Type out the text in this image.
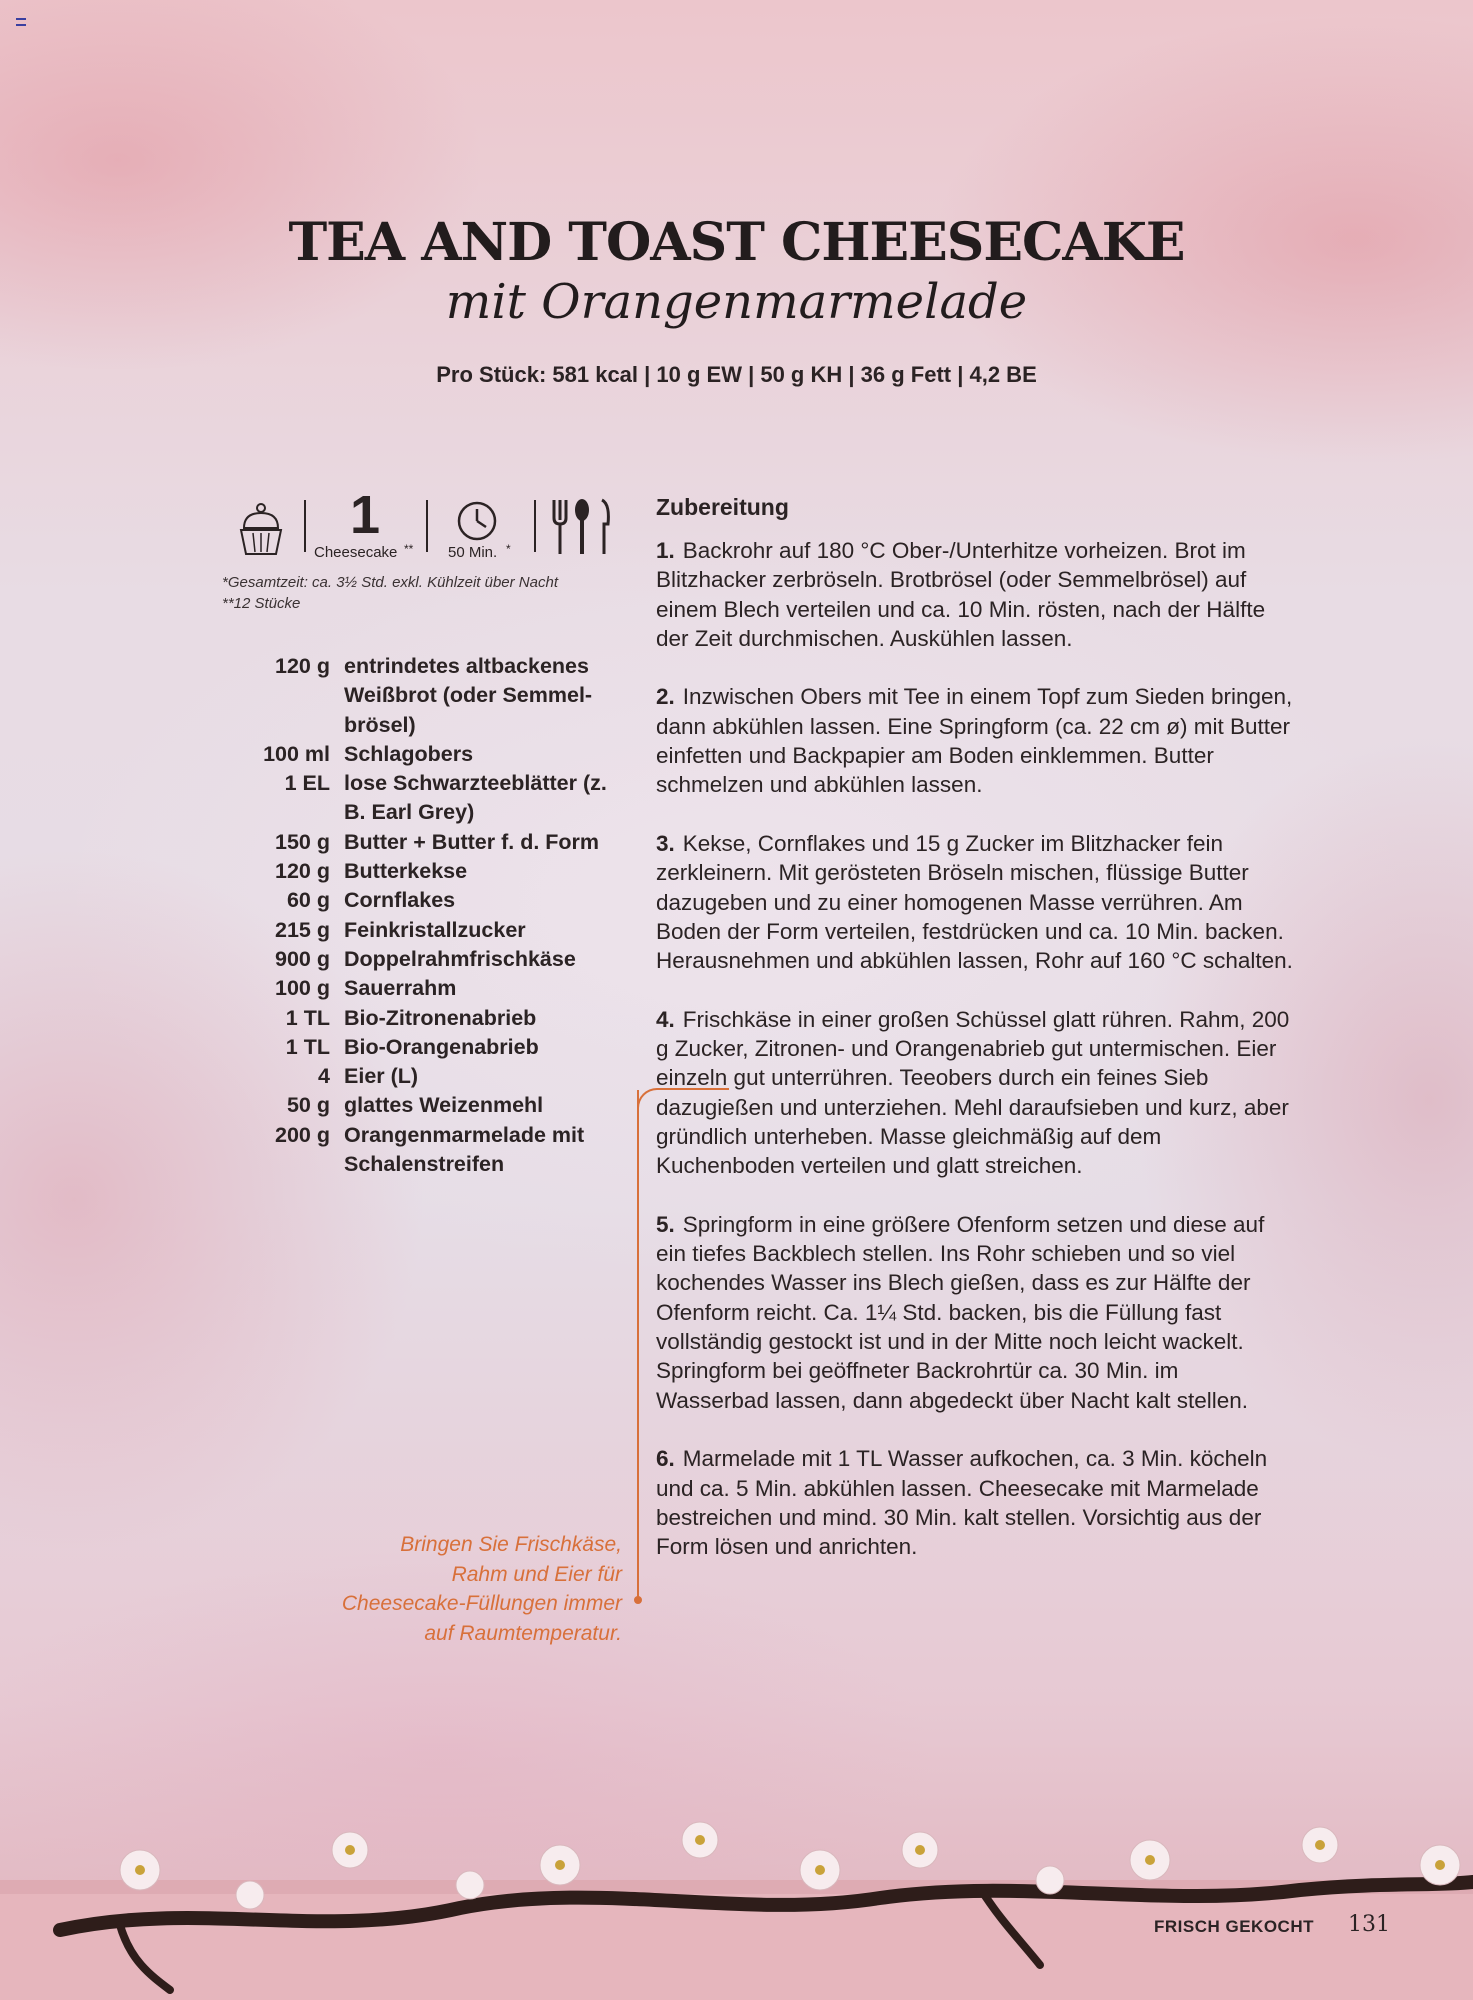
TEA AND TOAST CHEESECAKE
mit Orangenmarmelade
Pro Stück: 581 kcal | 10 g EW | 50 g KH | 36 g Fett | 4,2 BE
1
Cheesecake ** 50 Min. *
*Gesamtzeit: ca. 3½ Std. exkl. Kühlzeit über Nacht
**12 Stücke
120 g entrindetes altbackenes Weißbrot (oder Semmel-brösel)
100 ml Schlagobers
1 EL lose Schwarzteeblätter (z. B. Earl Grey)
150 g Butter + Butter f. d. Form
120 g Butterkekse
60 g Cornflakes
215 g Feinkristallzucker
900 g Doppelrahmfrischkäse
100 g Sauerrahm
1 TL Bio-Zitronenabrieb
1 TL Bio-Orangenabrieb
4 Eier (L)
50 g glattes Weizenmehl
200 g Orangenmarmelade mit Schalenstreifen
Bringen Sie Frischkäse, Rahm und Eier für Cheesecake-Füllungen immer auf Raumtemperatur.
Zubereitung
1. Backrohr auf 180 °C Ober-/Unterhitze vorheizen. Brot im Blitzhacker zerbröseln. Brotbrösel (oder Semmelbrösel) auf einem Blech verteilen und ca. 10 Min. rösten, nach der Hälfte der Zeit durchmischen. Auskühlen lassen.
2. Inzwischen Obers mit Tee in einem Topf zum Sieden bringen, dann abkühlen lassen. Eine Springform (ca. 22 cm ø) mit Butter einfetten und Backpapier am Boden einklemmen. Butter schmelzen und abkühlen lassen.
3. Kekse, Cornflakes und 15 g Zucker im Blitzhacker fein zerkleinern. Mit gerösteten Bröseln mischen, flüssige Butter dazugeben und zu einer homogenen Masse verrühren. Am Boden der Form verteilen, festdrücken und ca. 10 Min. backen. Herausnehmen und abkühlen lassen, Rohr auf 160 °C schalten.
4. Frischkäse in einer großen Schüssel glatt rühren. Rahm, 200 g Zucker, Zitronen- und Orangenabrieb gut untermischen. Eier einzeln gut unterrühren. Teeobers durch ein feines Sieb dazugießen und unterziehen. Mehl daraufsieben und kurz, aber gründlich unterheben. Masse gleichmäßig auf dem Kuchenboden verteilen und glatt streichen.
5. Springform in eine größere Ofenform setzen und diese auf ein tiefes Backblech stellen. Ins Rohr schieben und so viel kochendes Wasser ins Blech gießen, dass es zur Hälfte der Ofenform reicht. Ca. 1¼ Std. backen, bis die Füllung fast vollständig gestockt ist und in der Mitte noch leicht wackelt. Springform bei geöffneter Backrohrtür ca. 30 Min. im Wasserbad lassen, dann abgedeckt über Nacht kalt stellen.
6. Marmelade mit 1 TL Wasser aufkochen, ca. 3 Min. köcheln und ca. 5 Min. abkühlen lassen. Cheesecake mit Marmelade bestreichen und mind. 30 Min. kalt stellen. Vorsichtig aus der Form lösen und anrichten.
FRISCH GEKOCHT 131
